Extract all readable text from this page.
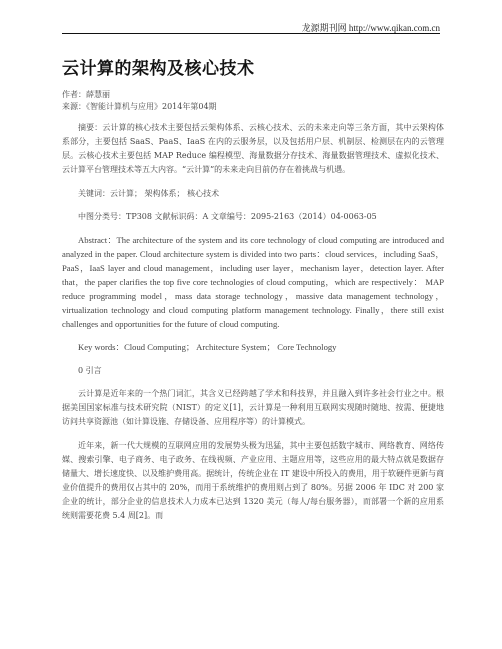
龙源期刊网 http://www.qikan.com.cn
云计算的架构及核心技术

作者：薛慧丽

来源：《智能计算机与应用》2014年第04期

摘要：云计算的核心技术主要包括云架构体系、云核心技术、云的未来走向等三条方面，其中云架构体系部分，主要包括 SaaS、PaaS、IaaS 在内的云服务层，以及包括用户层、机制层、检测层在内的云管理层。云核心技术主要包括 MAP Reduce 编程模型、海量数据分存技术、海量数据管理技术、虚拟化技术、云计算平台管理技术等五大内容。“云计算”的未来走向目前仍存在着挑战与机遇。

关键词：云计算； 架构体系； 核心技术

中图分类号：TP308 文献标识码：A 文章编号：2095-2163（2014）04-0063-05

Abstract：The architecture of the system and its core technology of cloud computing are introduced and analyzed in the paper. Cloud architecture system is divided into two parts：cloud services，including SaaS，PaaS，IaaS layer and cloud management，including user layer，mechanism layer，detection layer. After that，the paper clarifies the top five core technologies of cloud computing，which are respectively： MAP reduce programming model，mass data storage technology，massive data management technology，virtualization technology and cloud computing platform management technology. Finally，there still exist challenges and opportunities for the future of cloud computing.

Key words：Cloud Computing； Architecture System； Core Technology

0 引言

云计算是近年来的一个热门词汇，其含义已经跨越了学术和科技界，并且融入到许多社会行业之中。根据美国国家标准与技术研究院（NIST）的定义[1]，云计算是一种利用互联网实现随时随地、按需、便捷地访问共享资源池（如计算设施、存储设备、应用程序等）的计算模式。

近年来，新一代大规模的互联网应用的发展势头极为迅猛，其中主要包括数字城市、网络教育、网络传媒、搜索引擎、电子商务、电子政务、在线视频、产业应用、主题应用等，这些应用的最大特点就是数据存储量大、增长速度快、以及维护费用高。据统计，传统企业在 IT 建设中所投入的费用，用于软硬件更新与商业价值提升的费用仅占其中的 20%，而用于系统维护的费用则占到了 80%。另据 2006 年 IDC 对 200 家企业的统计，部分企业的信息技术人力成本已达到 1320 美元（每人/每台服务器），而部署一个新的应用系统则需要花费 5.4 周[2]。而
